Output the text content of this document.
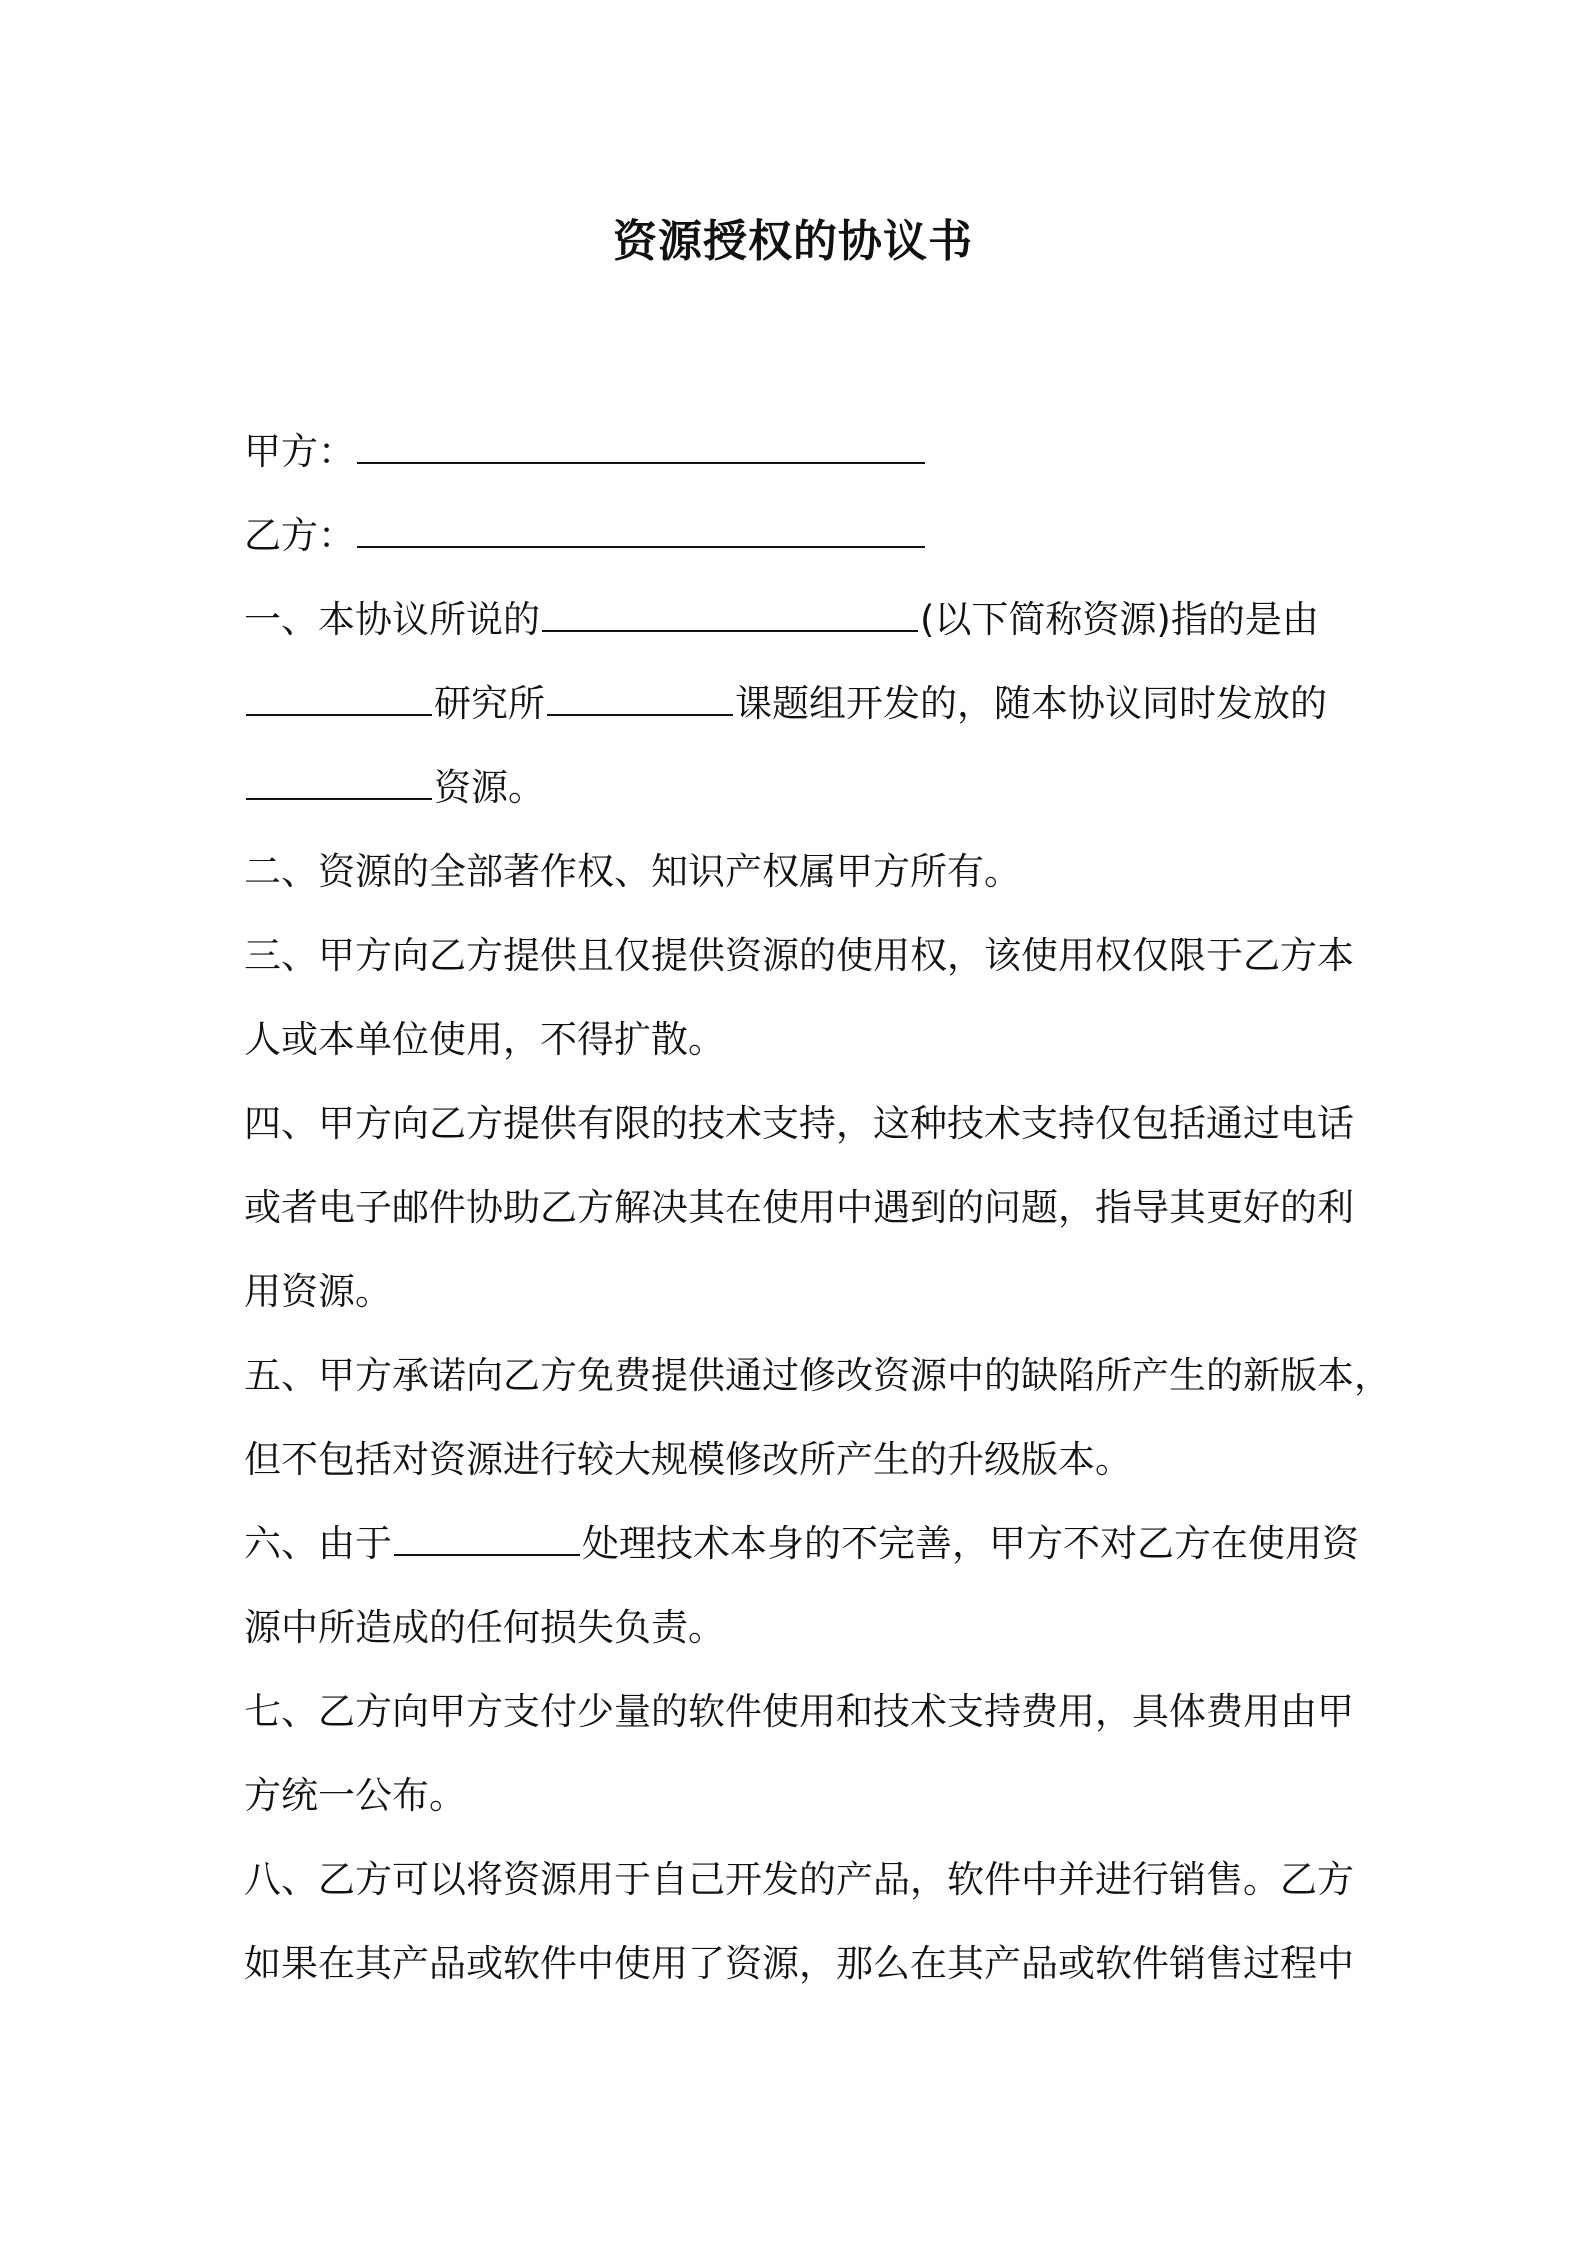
资源授权的协议书
甲方：
乙方：
一、本协议所说的	(以下简称资源)指的是由
研究所	课题组开发的，随本协议同时发放的
资源。
二、资源的全部著作权、知识产权属甲方所有。
三、甲方向乙方提供且仅提供资源的使用权，该使用权仅限于乙方本
人或本单位使用，不得扩散。
四、甲方向乙方提供有限的技术支持，这种技术支持仅包括通过电话
或者电子邮件协助乙方解决其在使用中遇到的问题，指导其更好的利
用资源。
五、甲方承诺向乙方免费提供通过修改资源中的缺陷所产生的新版本，
但不包括对资源进行较大规模修改所产生的升级版本。
六、由于	处理技术本身的不完善，甲方不对乙方在使用资
源中所造成的任何损失负责。
七、乙方向甲方支付少量的软件使用和技术支持费用，具体费用由甲
方统一公布。
八、乙方可以将资源用于自己开发的产品，软件中并进行销售。乙方
如果在其产品或软件中使用了资源，那么在其产品或软件销售过程中
